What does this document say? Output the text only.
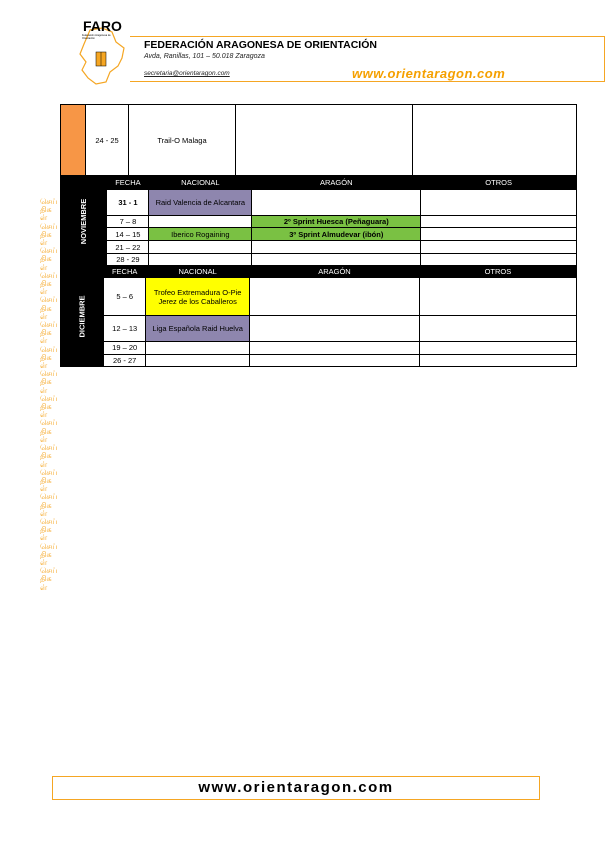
FARO
Federación Aragonesa de Orientación
FEDERACIÓN ARAGONESA DE ORIENTACIÓN
Avda, Ranillas, 101 – 50.018 Zaragoza
secretaria@orientaragon.com	www.orientaragon.com
செய்திகள் செய்திகள் செய்திகள் செய்திகள் செய்திகள் செய்திகள் செய்திகள் செய்திகள் செய்திகள் செய்திகள் செய்திகள் செய்திகள் செய்திகள் செய்திகள் செய்திகள் செய்திகள்
	24 - 25	Trail-O Malaga		
NOVIEMBRE	FECHA	NACIONAL	ARAGÓN	OTROS
	31 - 1	Raid Valencia de Alcantara		
	7 – 8		2º Sprint Huesca (Peñaguara)	
	14 – 15	Iberico Rogaining	3º Sprint Almudevar (ibón)	
	21 – 22			
	28 - 29			
DICIEMBRE	FECHA	NACIONAL	ARAGÓN	OTROS
	5 – 6	Trofeo Extremadura O-Pie Jerez de los Caballeros		
	12 – 13	Liga Española Raid Huelva		
	19 – 20			
	26 - 27			
www.orientaragon.com
